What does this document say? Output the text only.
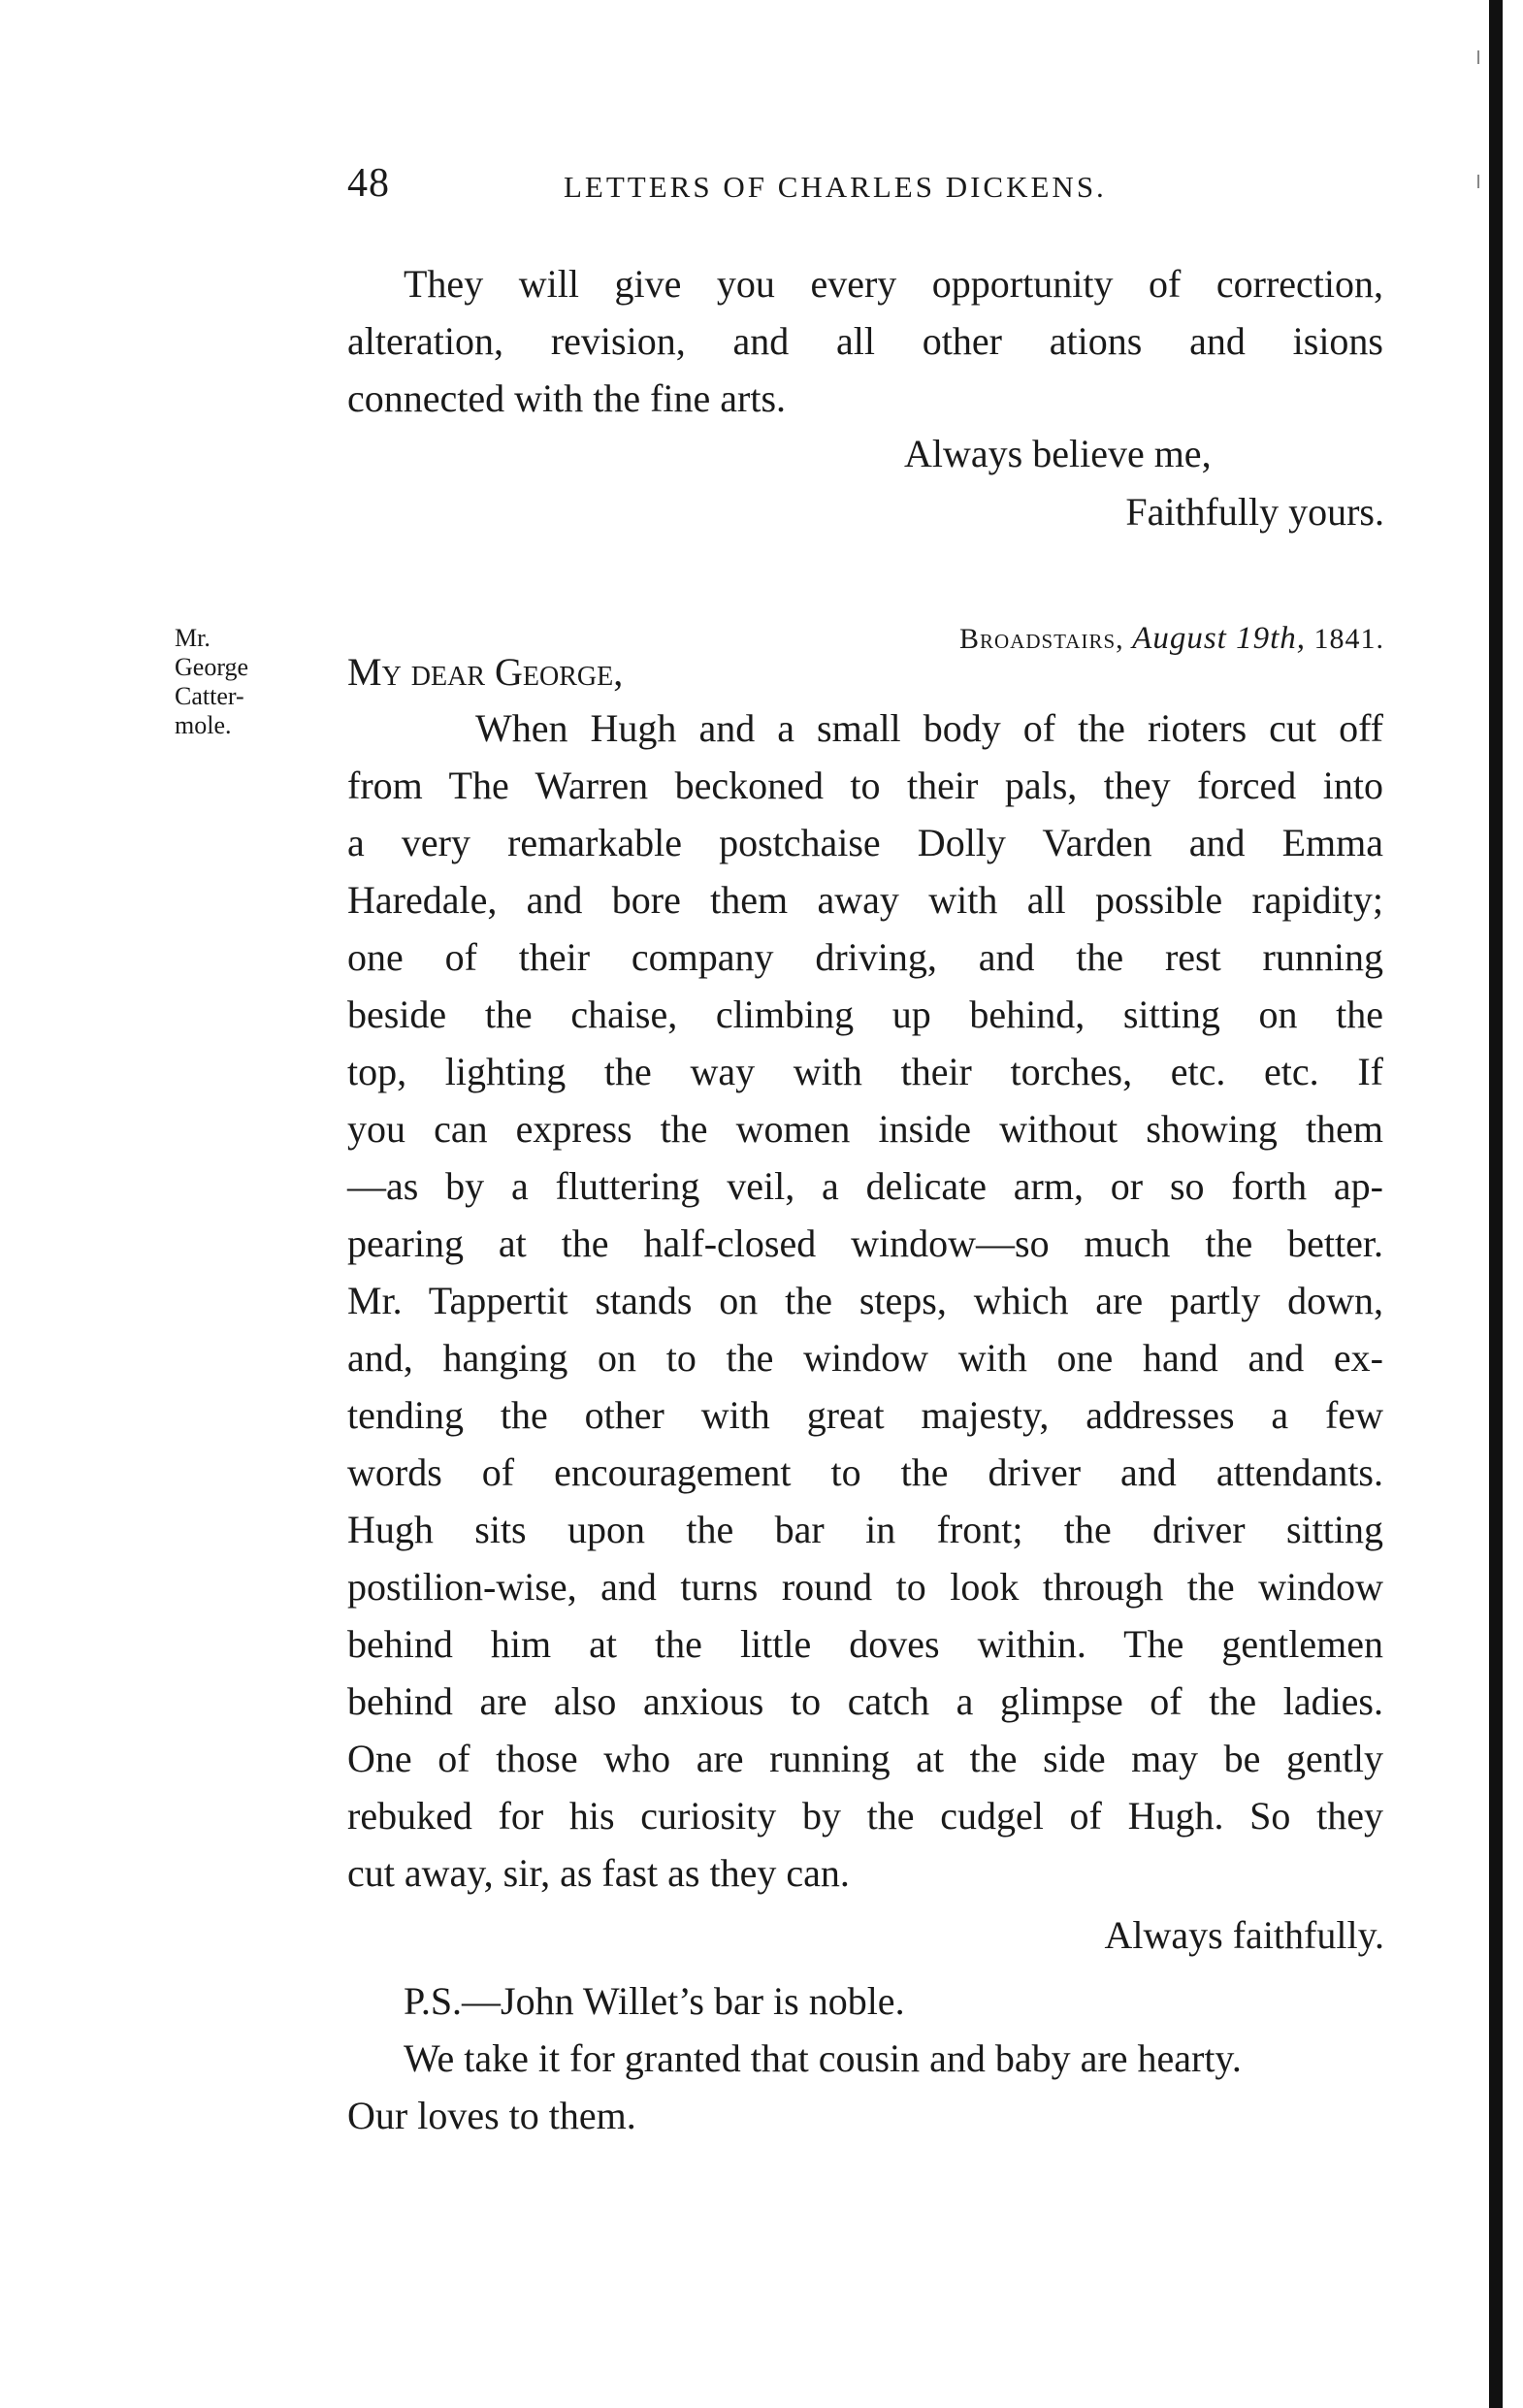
48	LETTERS OF CHARLES DICKENS.
They will give you every opportunity of correction,
alteration, revision, and all other ations and isions
connected with the fine arts.
Always believe me,
Faithfully yours.
Mr.
George
Catter-
mole.
Broadstairs, August 19th, 1841.
My dear George,
When Hugh and a small body of the rioters cut off
from The Warren beckoned to their pals, they forced into
a very remarkable postchaise Dolly Varden and Emma
Haredale, and bore them away with all possible rapidity;
one of their company driving, and the rest running
beside the chaise, climbing up behind, sitting on the
top, lighting the way with their torches, etc. etc. If
you can express the women inside without showing them
—as by a fluttering veil, a delicate arm, or so forth ap-
pearing at the half-closed window—so much the better.
Mr. Tappertit stands on the steps, which are partly down,
and, hanging on to the window with one hand and ex-
tending the other with great majesty, addresses a few
words of encouragement to the driver and attendants.
Hugh sits upon the bar in front; the driver sitting
postilion-wise, and turns round to look through the window
behind him at the little doves within. The gentlemen
behind are also anxious to catch a glimpse of the ladies.
One of those who are running at the side may be gently
rebuked for his curiosity by the cudgel of Hugh. So they
cut away, sir, as fast as they can.
Always faithfully.
P.S.—John Willet’s bar is noble.
We take it for granted that cousin and baby are hearty.
Our loves to them.
